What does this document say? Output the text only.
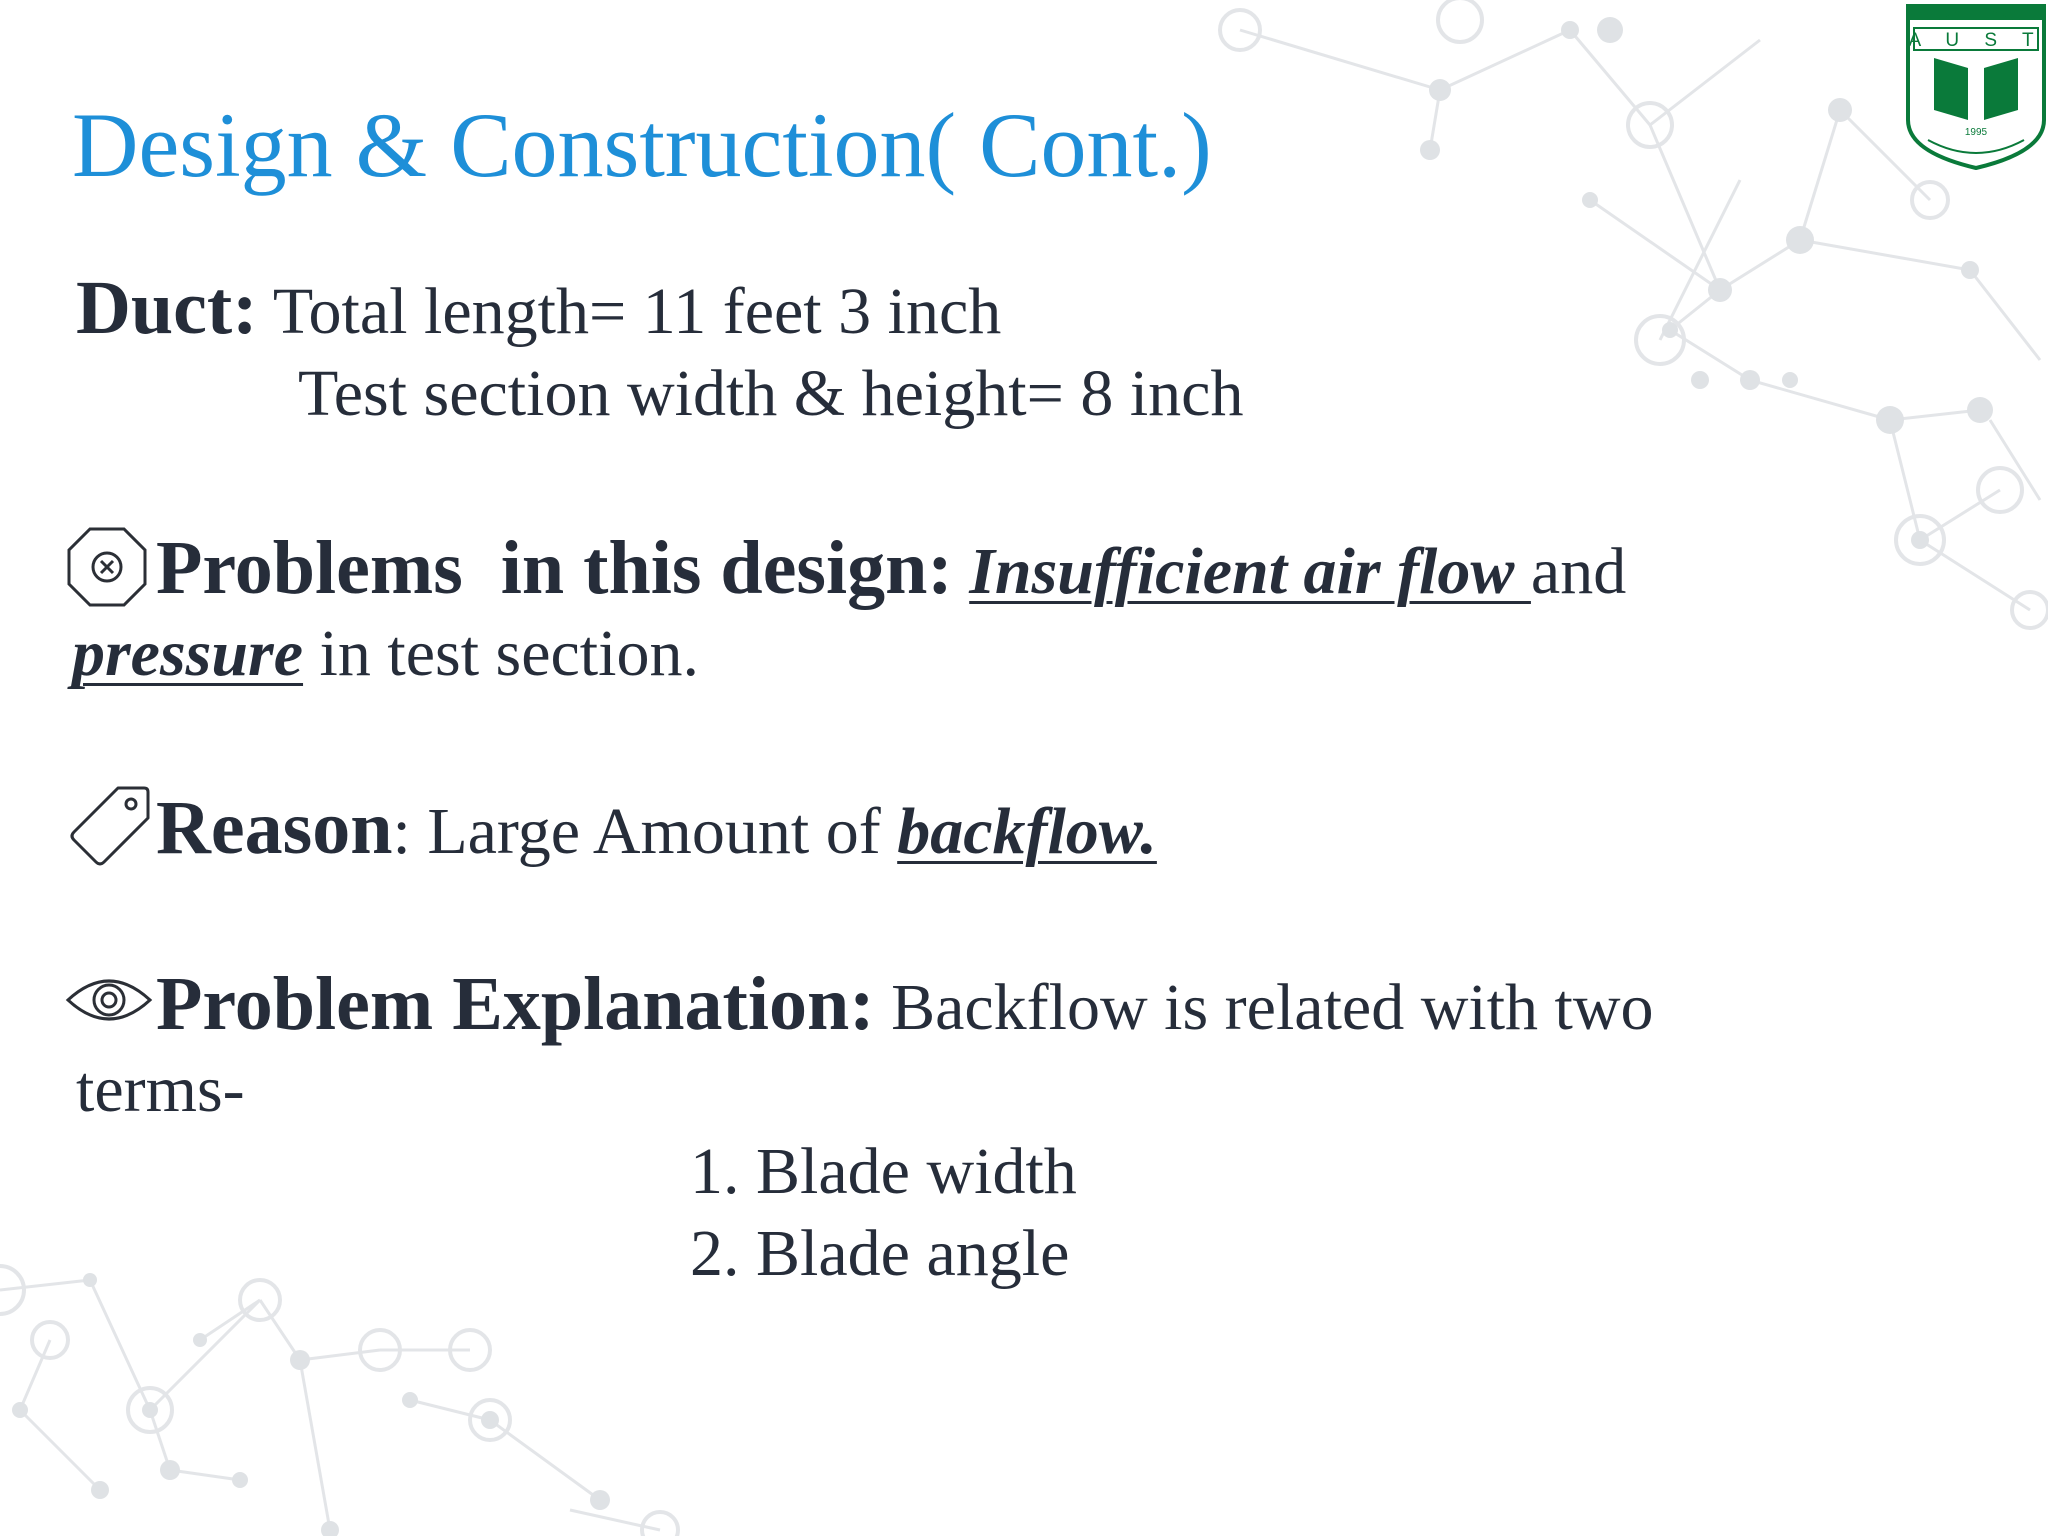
A U S T
1995
Design & Construction( Cont.)
Duct: Total length= 11 feet 3 inch
Test section width & height= 8 inch
Problems  in this design: Insufficient air flow and
pressure in test section.
Reason: Large Amount of backflow.
Problem Explanation: Backflow is related with two
terms-
1. Blade width
2. Blade angle
